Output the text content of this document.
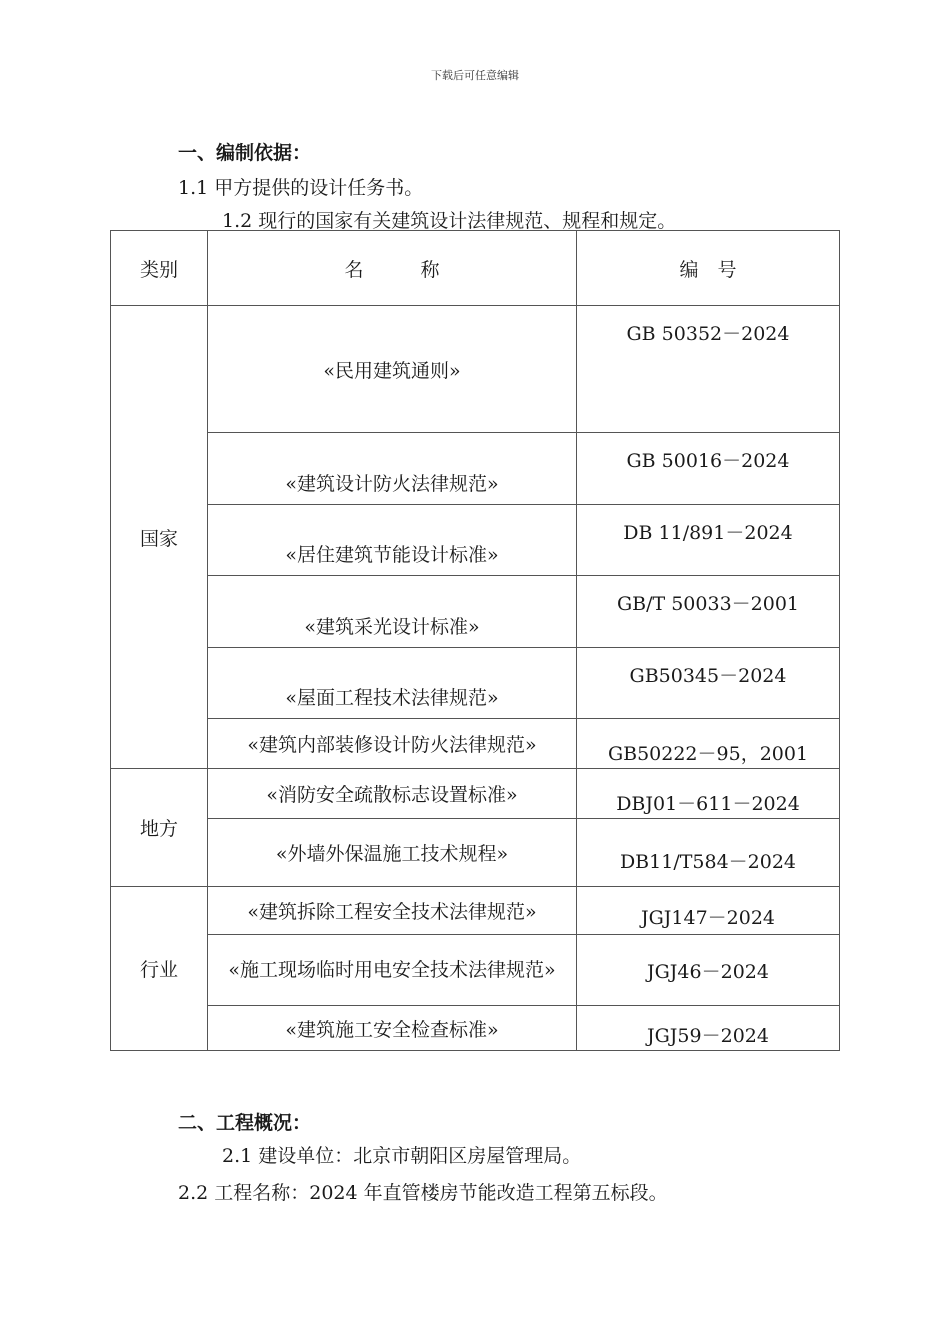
下载后可任意编辑
一、编制依据：
1.1 甲方提供的设计任务书。
1.2 现行的国家有关建筑设计法律规范、规程和规定。
类别	名　　　称	编　号
国家	«民用建筑通则»	GB 50352－2024

	«建筑设计防火法律规范»	GB 50016－2024

	«居住建筑节能设计标准»	DB 11/891－2024

	«建筑采光设计标准»	GB/T 50033－2001

	«屋面工程技术法律规范»	GB50345－2024

	«建筑内部装修设计防火法律规范»	GB50222－95，2001

地方	«消防安全疏散标志设置标准»	DBJ01－611－2024

	«外墙外保温施工技术规程»	DB11/T584－2024

行业	«建筑拆除工程安全技术法律规范»	JGJ147－2024

	«施工现场临时用电安全技术法律规范»	JGJ46－2024

	«建筑施工安全检查标准»	JGJ59－2024
二、工程概况：
2.1 建设单位：北京市朝阳区房屋管理局。
2.2 工程名称：2024 年直管楼房节能改造工程第五标段。
